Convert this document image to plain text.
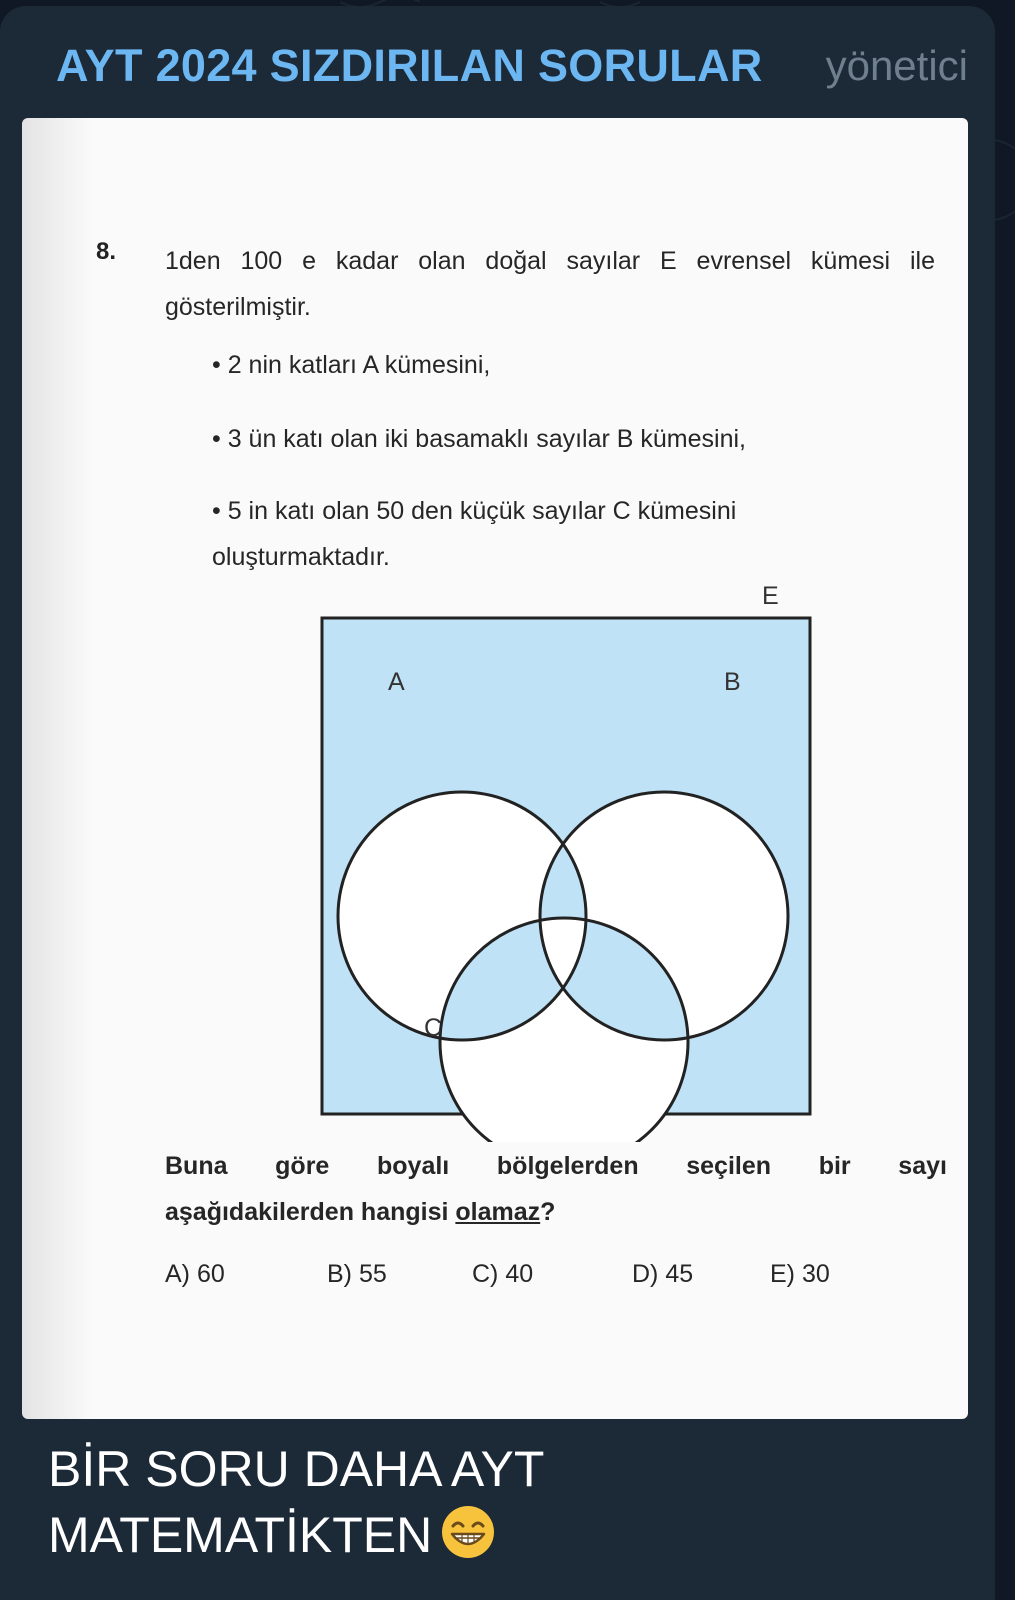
AYT 2024 SIZDIRILAN SORULAR yönetici
8. 1den 100 e kadar olan doğal sayılar E evrensel kümesi ile gösterilmiştir.
• 2 nin katları A kümesini,
• 3 ün katı olan iki basamaklı sayılar B kümesini,
• 5 in katı olan 50 den küçük sayılar C kümesini oluşturmaktadır.
E
A	B
C
Buna göre boyalı bölgelerden seçilen bir sayı
aşağıdakilerden hangisi olamaz?
A) 60	B) 55	C) 40	D) 45	E) 30
BİR SORU DAHA AYT
MATEMATİKTEN
